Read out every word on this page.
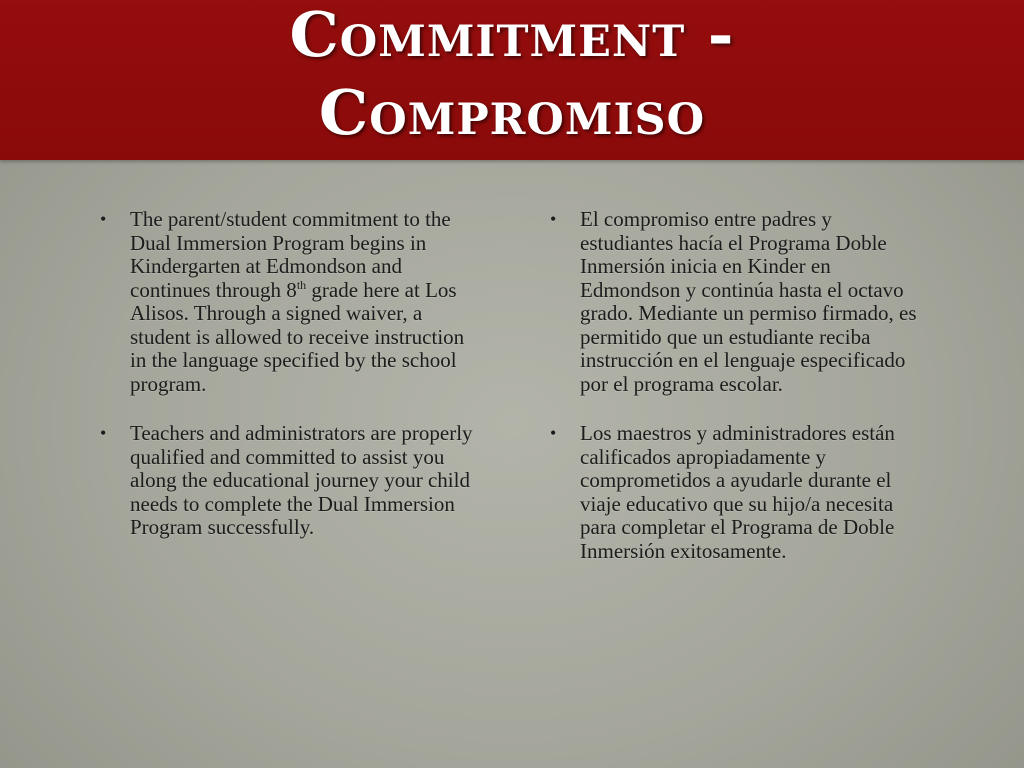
Commitment -
Compromiso
• The parent/student commitment to the Dual Immersion Program begins in Kindergarten at Edmondson and continues through 8th grade here at Los Alisos. Through a signed waiver, a student is allowed to receive instruction in the language specified by the school program.
• Teachers and administrators are properly qualified and committed to assist you along the educational journey your child needs to complete the Dual Immersion Program successfully.
• El compromiso entre padres y estudiantes hacía el Programa Doble Inmersión inicia en Kinder en Edmondson y continúa hasta el octavo grado. Mediante un permiso firmado, es permitido que un estudiante reciba instrucción en el lenguaje especificado por el programa escolar.
• Los maestros y administradores están calificados apropiadamente y comprometidos a ayudarle durante el viaje educativo que su hijo/a necesita para completar el Programa de Doble Inmersión exitosamente.
